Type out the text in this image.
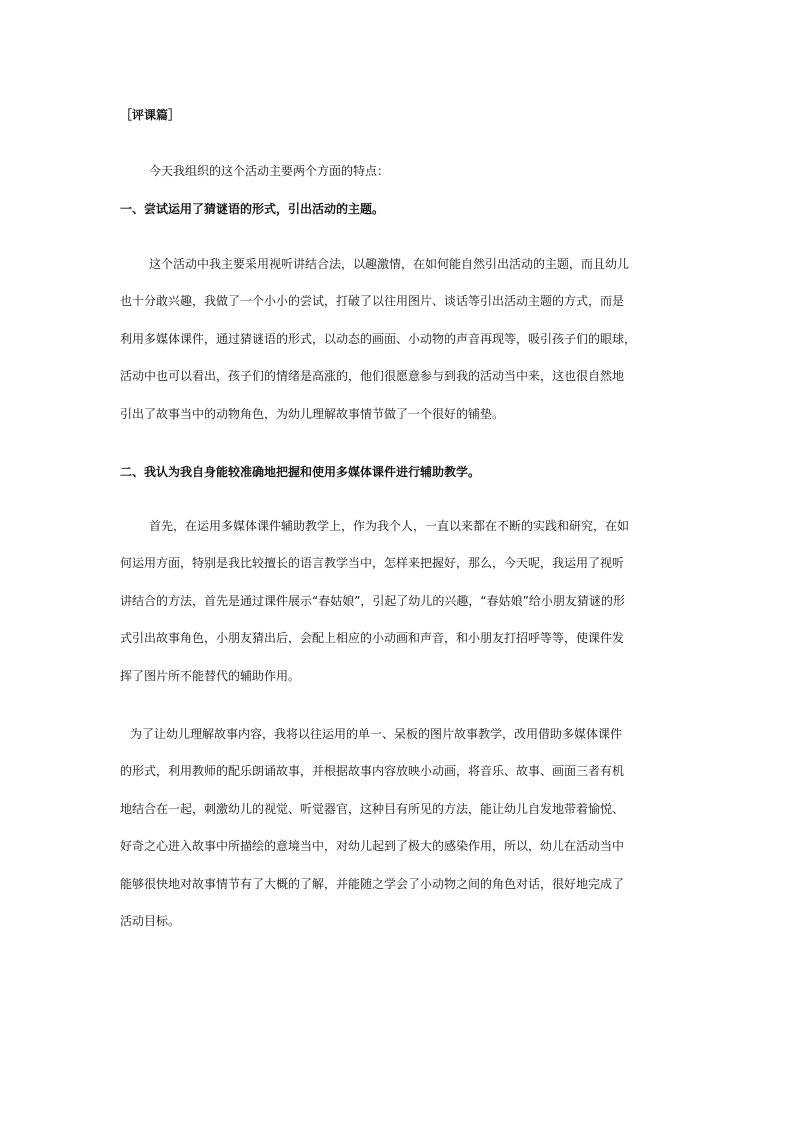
［评课篇］
今天我组织的这个活动主要两个方面的特点：
一、尝试运用了猜谜语的形式，引出活动的主题。
这个活动中我主要采用视听讲结合法，以趣激情，在如何能自然引出活动的主题，而且幼儿
也十分敢兴趣，我做了一个小小的尝试，打破了以往用图片、谈话等引出活动主题的方式，而是
利用多媒体课件，通过猜谜语的形式，以动态的画面、小动物的声音再现等，吸引孩子们的眼球，
活动中也可以看出，孩子们的情绪是高涨的，他们很愿意参与到我的活动当中来，这也很自然地
引出了故事当中的动物角色，为幼儿理解故事情节做了一个很好的铺垫。
二、我认为我自身能较准确地把握和使用多媒体课件进行辅助教学。
首先，在运用多媒体课件辅助教学上，作为我个人，一直以来都在不断的实践和研究，在如
何运用方面，特别是我比较擅长的语言教学当中，怎样来把握好，那么，今天呢，我运用了视听
讲结合的方法，首先是通过课件展示“春姑娘”，引起了幼儿的兴趣，“春姑娘”给小朋友猜谜的形
式引出故事角色，小朋友猜出后，会配上相应的小动画和声音，和小朋友打招呼等等，使课件发
挥了图片所不能替代的辅助作用。
为了让幼儿理解故事内容，我将以往运用的单一、呆板的图片故事教学，改用借助多媒体课件
的形式，利用教师的配乐朗诵故事，并根据故事内容放映小动画，将音乐、故事、画面三者有机
地结合在一起，刺激幼儿的视觉、听觉器官，这种目有所见的方法，能让幼儿自发地带着愉悦、
好奇之心进入故事中所描绘的意境当中，对幼儿起到了极大的感染作用，所以，幼儿在活动当中
能够很快地对故事情节有了大概的了解，并能随之学会了小动物之间的角色对话，很好地完成了
活动目标。
